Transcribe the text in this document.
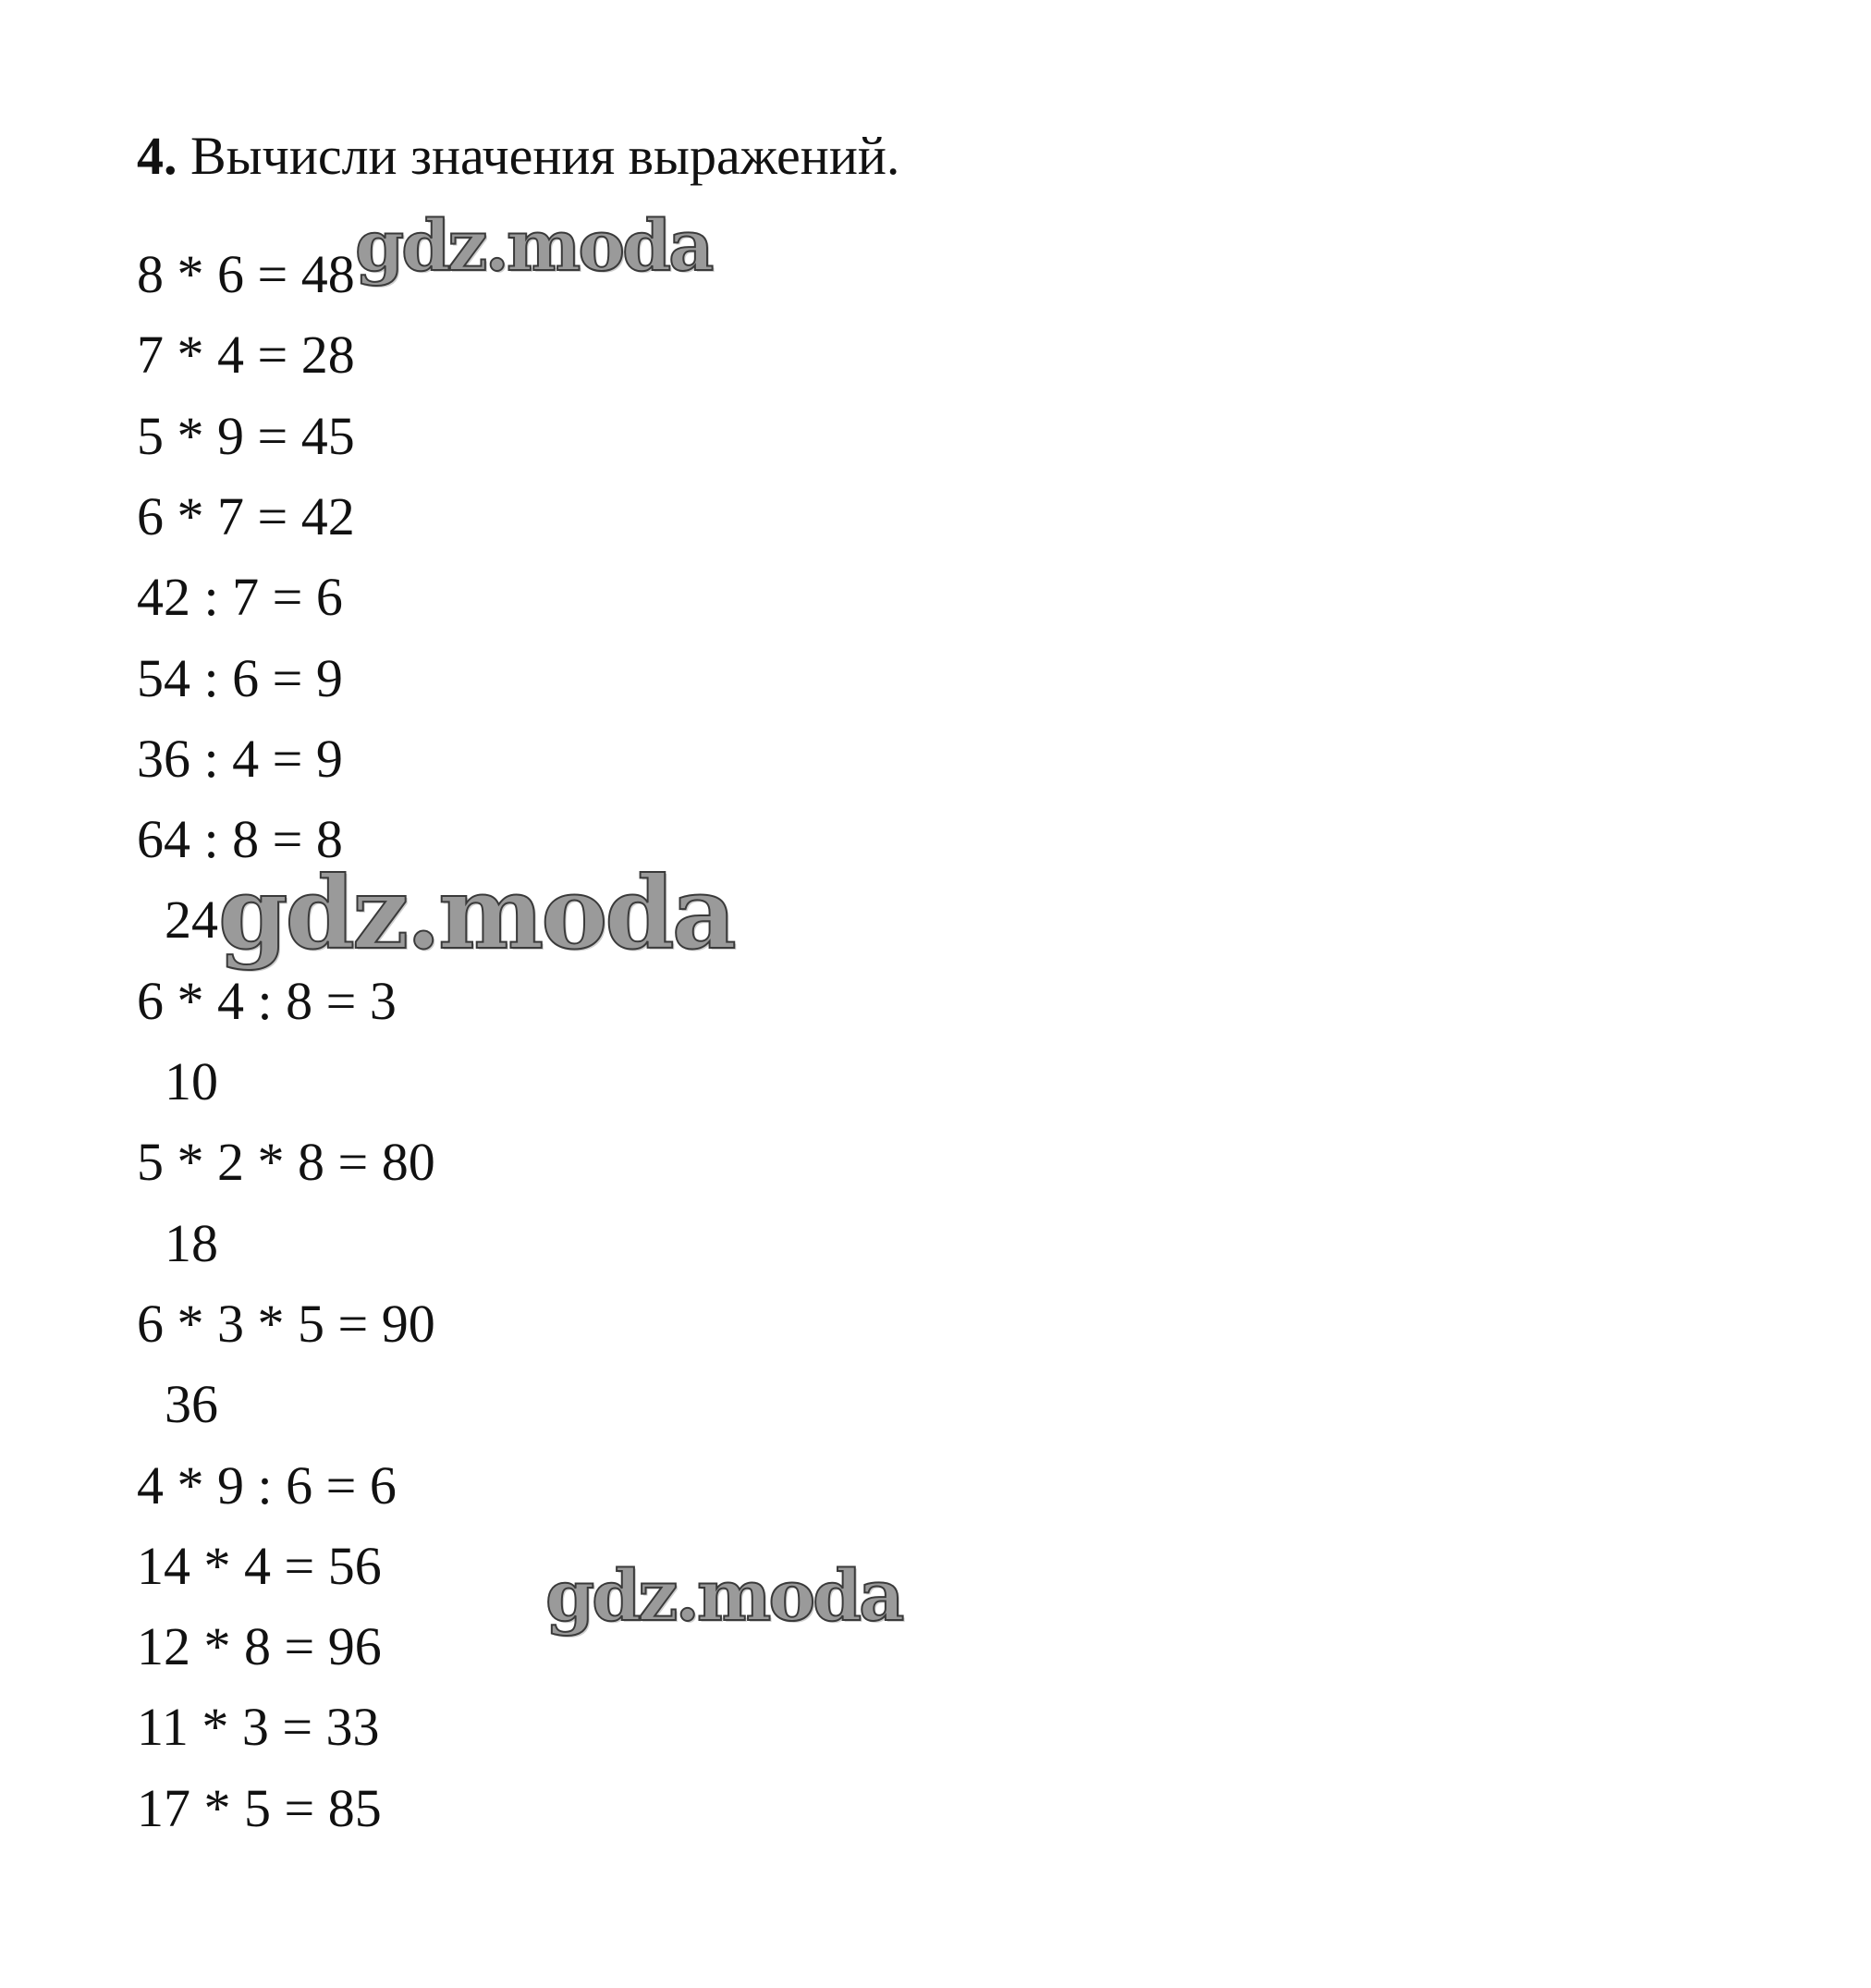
4. Вычисли значения выражений.
8 * 6 = 48
7 * 4 = 28
5 * 9 = 45
6 * 7 = 42
42 : 7 = 6
54 : 6 = 9
36 : 4 = 9
64 : 8 = 8
24
6 * 4 : 8 = 3
10
5 * 2 * 8 = 80
18
6 * 3 * 5 = 90
36
4 * 9 : 6 = 6
14 * 4 = 56
12 * 8 = 96
11 * 3 = 33
17 * 5 = 85
gdz.moda
gdz.moda
gdz.moda
